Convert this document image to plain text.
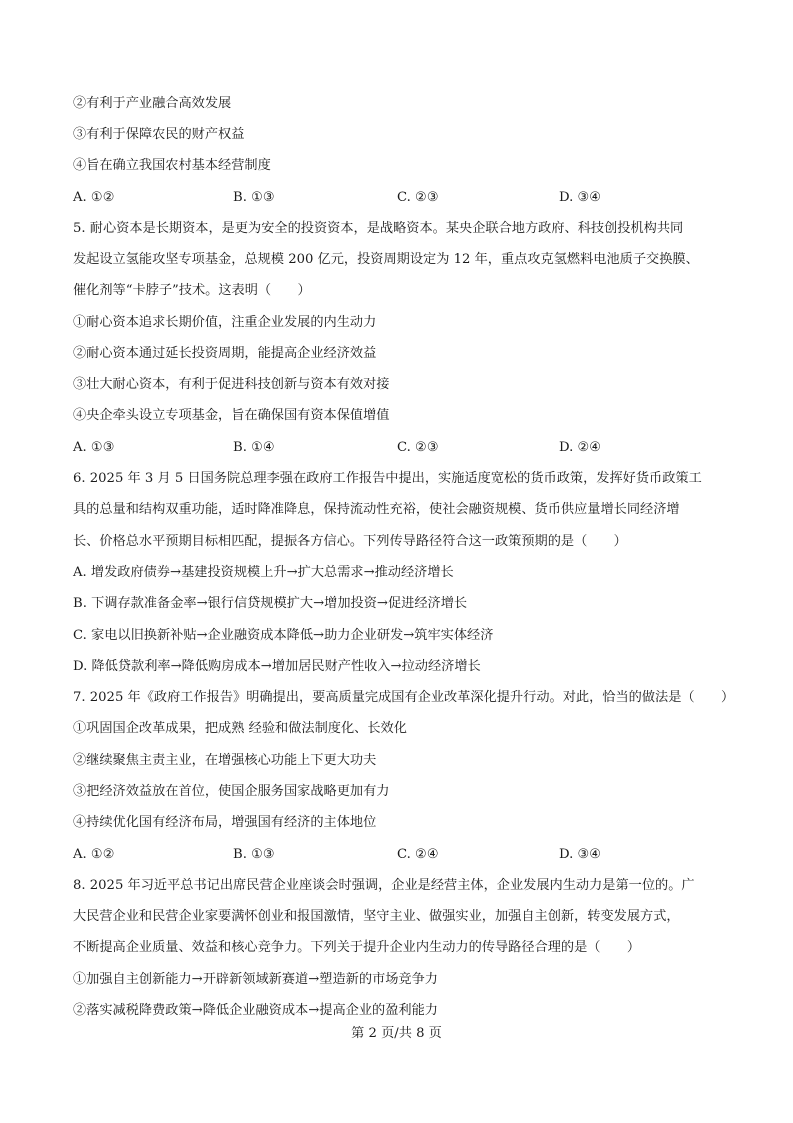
②有利于产业融合高效发展
③有利于保障农民的财产权益
④旨在确立我国农村基本经营制度
A. ①②	B. ①③	C. ②③	D. ③④
5. 耐心资本是长期资本，是更为安全的投资资本，是战略资本。某央企联合地方政府、科技创投机构共同
发起设立氢能攻坚专项基金，总规模 200 亿元，投资周期设定为 12 年，重点攻克氢燃料电池质子交换膜、
催化剂等“卡脖子”技术。这表明（　　）
①耐心资本追求长期价值，注重企业发展的内生动力
②耐心资本通过延长投资周期，能提高企业经济效益
③壮大耐心资本，有利于促进科技创新与资本有效对接
④央企牵头设立专项基金，旨在确保国有资本保值增值
A. ①③	B. ①④	C. ②③	D. ②④
6. 2025 年 3 月 5 日国务院总理李强在政府工作报告中提出，实施适度宽松的货币政策，发挥好货币政策工
具的总量和结构双重功能，适时降准降息，保持流动性充裕，使社会融资规模、货币供应量增长同经济增
长、价格总水平预期目标相匹配，提振各方信心。下列传导路径符合这一政策预期的是（　　）
A. 增发政府债券→基建投资规模上升→扩大总需求→推动经济增长
B. 下调存款准备金率→银行信贷规模扩大→增加投资→促进经济增长
C. 家电以旧换新补贴→企业融资成本降低→助力企业研发→筑牢实体经济
D. 降低贷款利率→降低购房成本→增加居民财产性收入→拉动经济增长
7. 2025 年《政府工作报告》明确提出，要高质量完成国有企业改革深化提升行动。对此，恰当的做法是（　　）
①巩固国企改革成果，把成熟 经验和做法制度化、长效化
②继续聚焦主责主业，在增强核心功能上下更大功夫
③把经济效益放在首位，使国企服务国家战略更加有力
④持续优化国有经济布局，增强国有经济的主体地位
A. ①②	B. ①③	C. ②④	D. ③④
8. 2025 年习近平总书记出席民营企业座谈会时强调，企业是经营主体，企业发展内生动力是第一位的。广
大民营企业和民营企业家要满怀创业和报国激情，坚守主业、做强实业，加强自主创新，转变发展方式，
不断提高企业质量、效益和核心竞争力。下列关于提升企业内生动力的传导路径合理的是（　　）
①加强自主创新能力→开辟新领域新赛道→塑造新的市场竞争力
②落实减税降费政策→降低企业融资成本→提高企业的盈利能力
第 2 页/共 8 页
